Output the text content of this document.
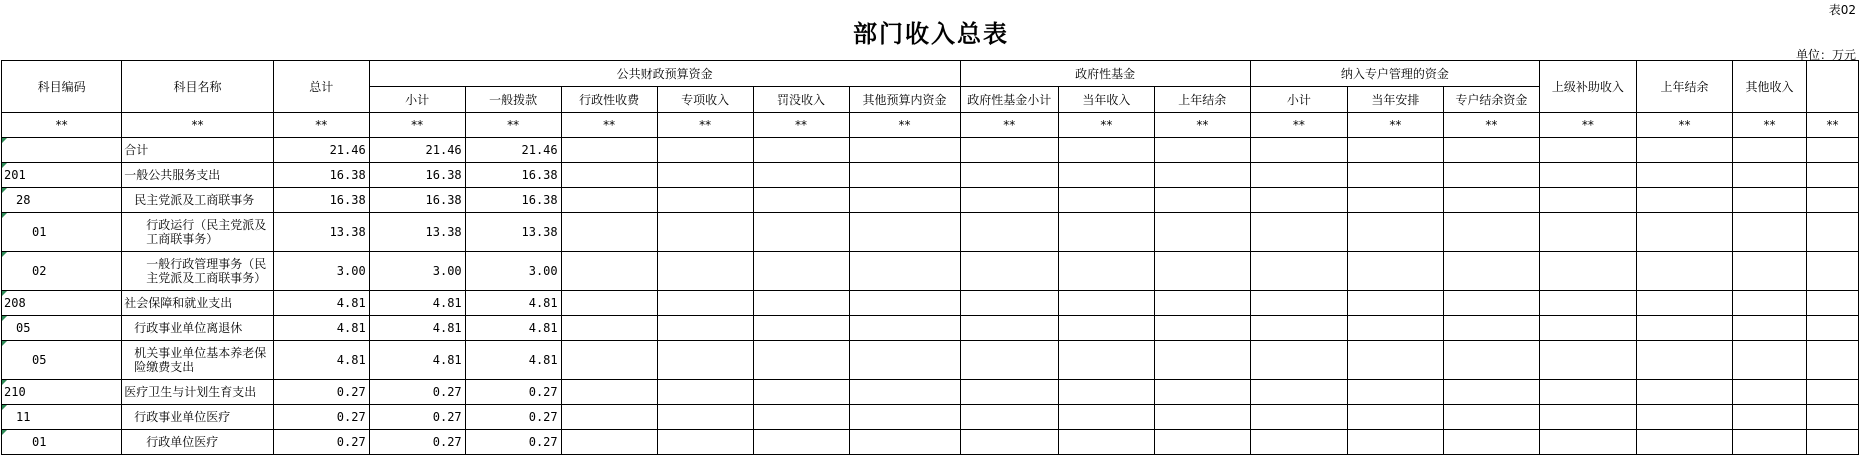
表02
部门收入总表
单位：万元
科目编码	科目名称	总计	公共财政预算资金						政府性基金			纳入专户管理的资金			上级补助收入	上年结余	其他收入	
			小计	一般拨款	行政性收费	专项收入	罚没收入	其他预算内资金	政府性基金小计	当年收入	上年结余	小计	当年安排	专户结余资金				
**	**	**	**	**	**	**	**	**	**	**	**	**	**	**	**	**	**	**
	合计	21.46	21.46	21.46														
201	一般公共服务支出	16.38	16.38	16.38														
28	民主党派及工商联事务	16.38	16.38	16.38														
01	行政运行（民主党派及工商联事务）	13.38	13.38	13.38														
02	一般行政管理事务（民主党派及工商联事务）	3.00	3.00	3.00														
208	社会保障和就业支出	4.81	4.81	4.81														
05	行政事业单位离退休	4.81	4.81	4.81														
05	机关事业单位基本养老保险缴费支出	4.81	4.81	4.81														
210	医疗卫生与计划生育支出	0.27	0.27	0.27														
11	行政事业单位医疗	0.27	0.27	0.27														
01	行政单位医疗	0.27	0.27	0.27														
